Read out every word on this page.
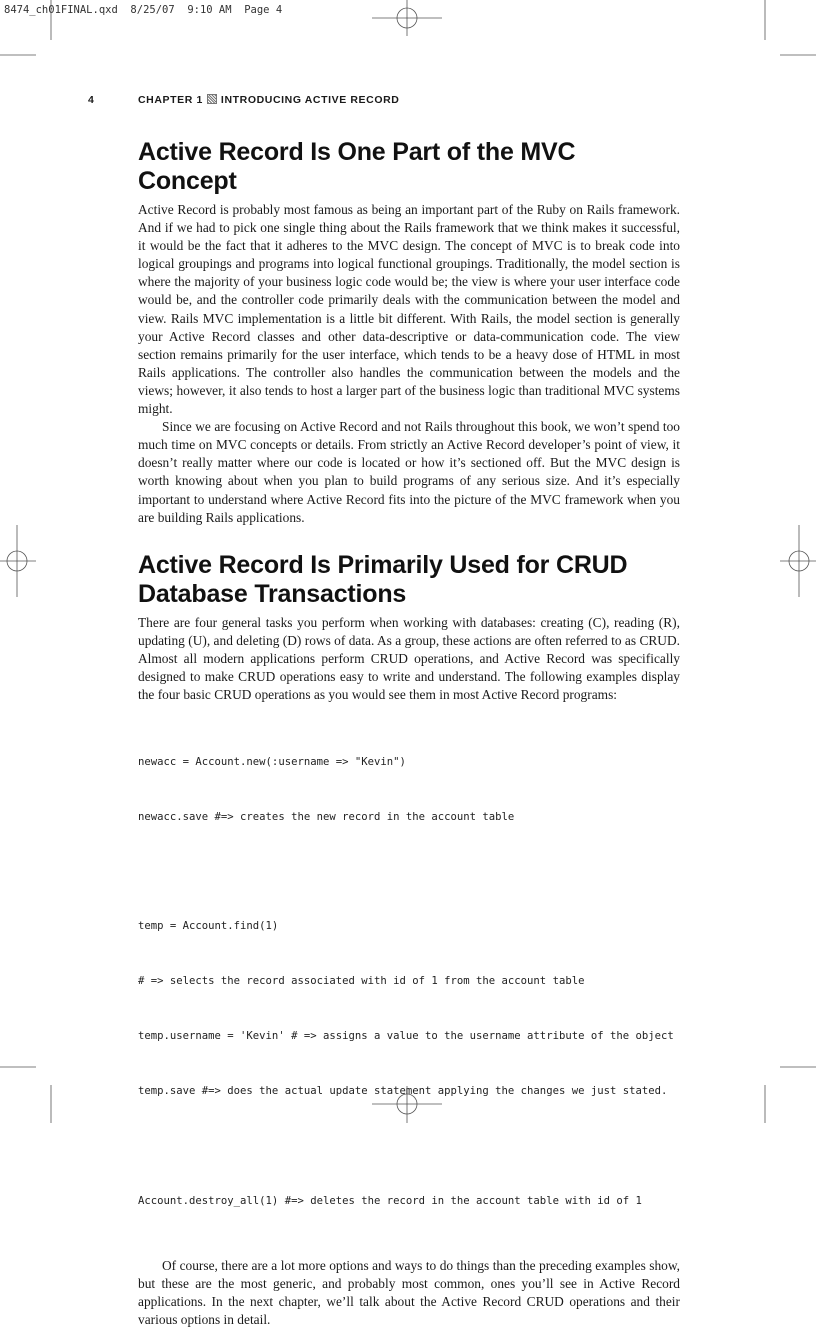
8474_ch01FINAL.qxd  8/25/07  9:10 AM  Page 4
4	CHAPTER 1 INTRODUCING ACTIVE RECORD
Active Record Is One Part of the MVC Concept

Active Record is probably most famous as being an important part of the Ruby on Rails framework. And if we had to pick one single thing about the Rails framework that we think makes it successful, it would be the fact that it adheres to the MVC design. The concept of MVC is to break code into logical groupings and programs into logical functional groupings. Traditionally, the model section is where the majority of your business logic code would be; the view is where your user interface code would be, and the controller code primarily deals with the communication between the model and view. Rails MVC implementation is a little bit different. With Rails, the model section is generally your Active Record classes and other data-descriptive or data-communication code. The view section remains primarily for the user interface, which tends to be a heavy dose of HTML in most Rails applications. The controller also handles the communication between the models and the views; however, it also tends to host a larger part of the business logic than traditional MVC systems might.

Since we are focusing on Active Record and not Rails throughout this book, we won’t spend too much time on MVC concepts or details. From strictly an Active Record developer’s point of view, it doesn’t really matter where our code is located or how it’s sectioned off. But the MVC design is worth knowing about when you plan to build programs of any serious size. And it’s especially important to understand where Active Record fits into the picture of the MVC framework when you are building Rails applications.

Active Record Is Primarily Used for CRUD
Database Transactions

There are four general tasks you perform when working with databases: creating (C), reading (R), updating (U), and deleting (D) rows of data. As a group, these actions are often referred to as CRUD. Almost all modern applications perform CRUD operations, and Active Record was specifically designed to make CRUD operations easy to write and understand. The following examples display the four basic CRUD operations as you would see them in most Active Record programs:

newacc = Account.new(:username => "Kevin")

newacc.save #=> creates the new record in the account table

temp = Account.find(1)

# => selects the record associated with id of 1 from the account table

temp.username = 'Kevin' # => assigns a value to the username attribute of the object

temp.save #=> does the actual update statement applying the changes we just stated.

Account.destroy_all(1) #=> deletes the record in the account table with id of 1

Of course, there are a lot more options and ways to do things than the preceding examples show, but these are the most generic, and probably most common, ones you’ll see in Active Record applications. In the next chapter, we’ll talk about the Active Record CRUD operations and their various options in detail.
